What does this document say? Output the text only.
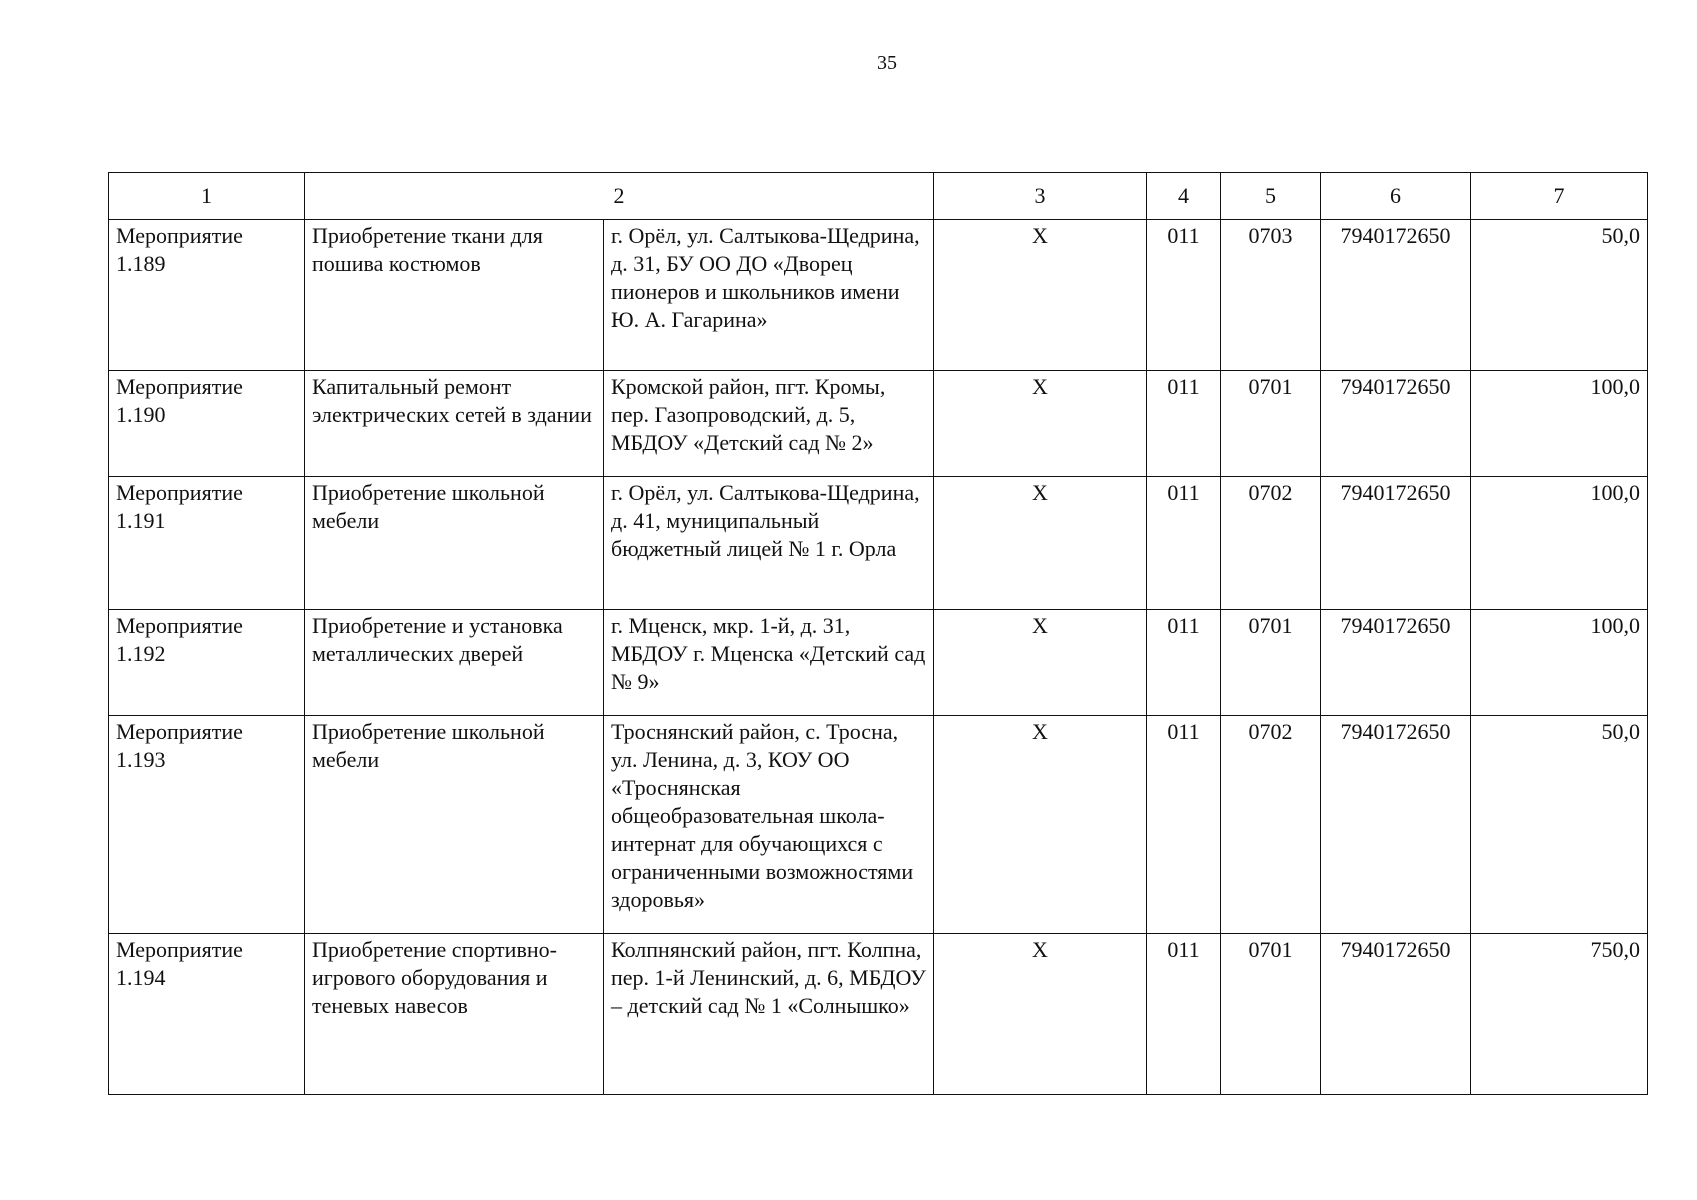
35
1	2		3	4	5	6	7
Мероприятие 1.189	Приобретение ткани для пошива костюмов	г. Орёл, ул. Салтыкова-Щедрина, д. 31, БУ ОО ДО «Дворец пионеров и школьников имени Ю. А. Гагарина»	Х	011	0703	7940172650	50,0
Мероприятие 1.190	Капитальный ремонт электрических сетей в здании	Кромской район, пгт. Кромы, пер. Газопроводский, д. 5, МБДОУ «Детский сад № 2»	Х	011	0701	7940172650	100,0
Мероприятие 1.191	Приобретение школьной мебели	г. Орёл, ул. Салтыкова-Щедрина, д. 41, муниципальный бюджетный лицей № 1 г. Орла	Х	011	0702	7940172650	100,0
Мероприятие 1.192	Приобретение и установка металлических дверей	г. Мценск, мкр. 1-й, д. 31, МБДОУ г. Мценска «Детский сад № 9»	Х	011	0701	7940172650	100,0
Мероприятие 1.193	Приобретение школьной мебели	Троснянский район, с. Тросна, ул. Ленина, д. 3, КОУ ОО «Троснянская общеобразовательная школа-интернат для обучающихся с ограниченными возможностями здоровья»	Х	011	0702	7940172650	50,0
Мероприятие 1.194	Приобретение спортивно-игрового оборудования и теневых навесов	Колпнянский район, пгт. Колпна, пер. 1-й Ленинский, д. 6, МБДОУ – детский сад № 1 «Солнышко»	Х	011	0701	7940172650	750,0
